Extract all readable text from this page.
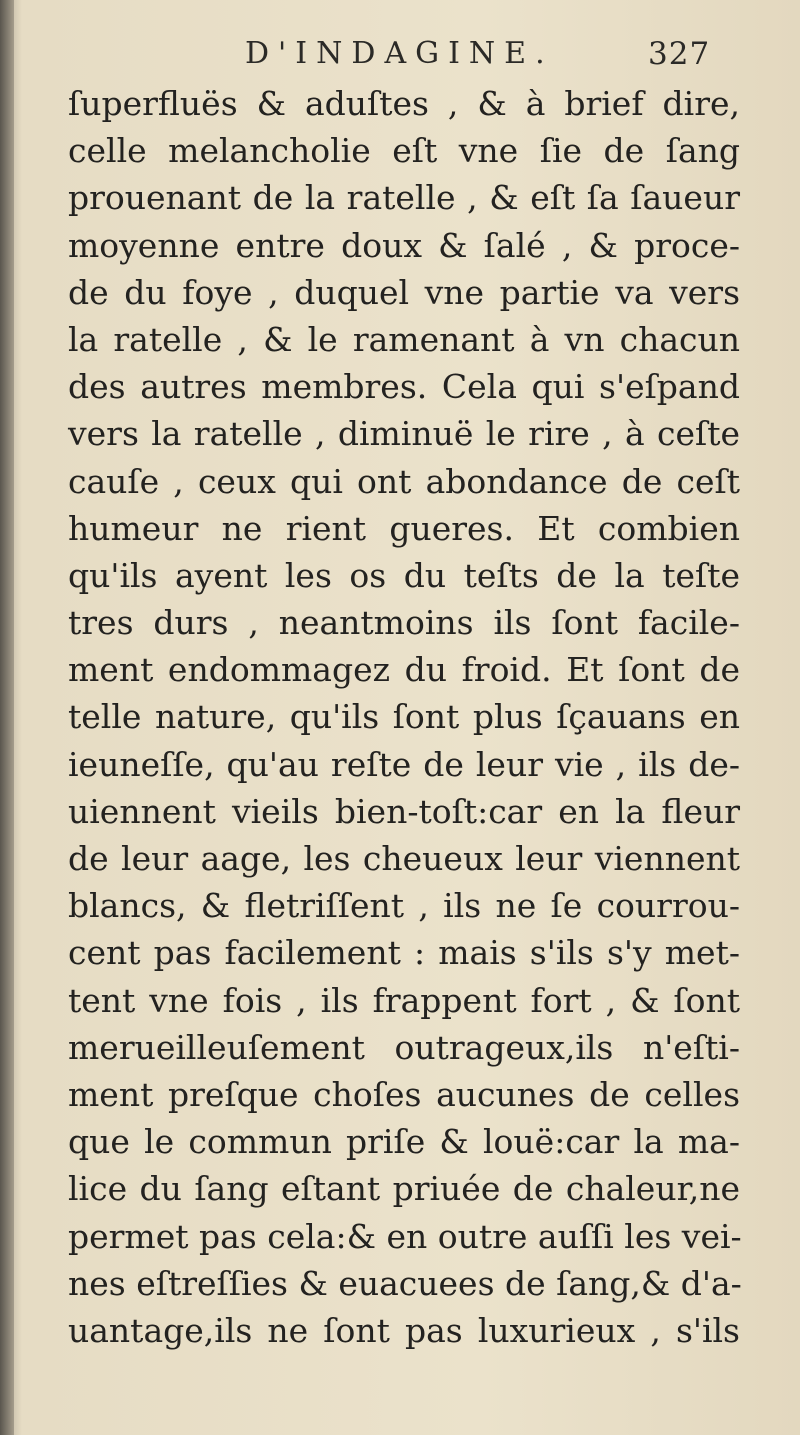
D'INDAGINE.	327
ſuperfluës & aduſtes , & à brief dire,
celle melancholie eſt vne ſie de ſang
prouenant de la ratelle , & eſt ſa ſaueur
moyenne entre doux & ſalé , & proce-
de du foye , duquel vne partie va vers
la ratelle , & le ramenant à vn chacun
des autres membres. Cela qui s'eſpand
vers la ratelle , diminuë le rire , à ceſte
cauſe , ceux qui ont abondance de ceſt
humeur ne rient gueres. Et combien
qu'ils ayent les os du teſts de la teſte
tres durs , neantmoins ils ſont facile-
ment endommagez du froid. Et ſont de
telle nature, qu'ils ſont plus ſçauans en
ieuneſſe, qu'au reſte de leur vie , ils de-
uiennent vieils bien-toſt:car en la fleur
de leur aage, les cheueux leur viennent
blancs, & fletriſſent , ils ne ſe courrou-
cent pas facilement : mais s'ils s'y met-
tent vne fois , ils frappent fort , & ſont
merueilleuſement outrageux,ils n'eſti-
ment preſque choſes aucunes de celles
que le commun priſe & louë:car la ma-
lice du ſang eſtant priuée de chaleur,ne
permet pas cela:& en outre auſſi les vei-
nes eſtreſſies & euacuees de ſang,& d'a-
uantage,ils ne ſont pas luxurieux , s'ils
